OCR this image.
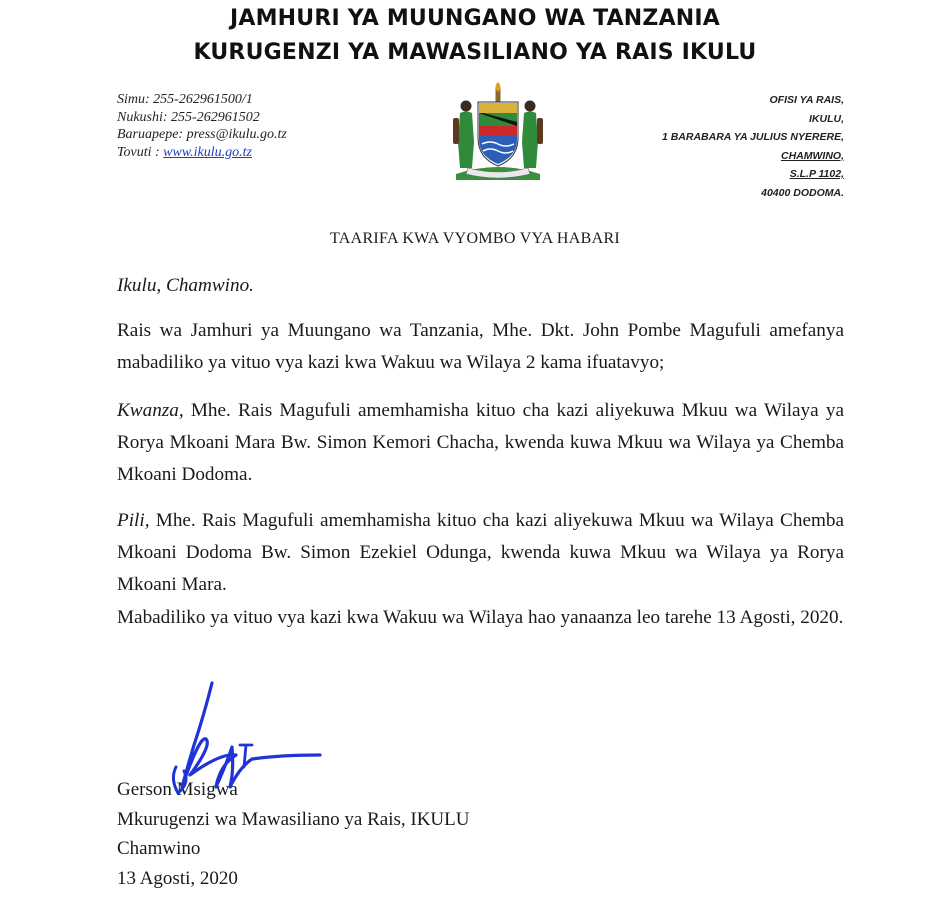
JAMHURI YA MUUNGANO WA TANZANIA
KURUGENZI YA MAWASILIANO YA RAIS IKULU
Simu: 255-262961500/1
Nukushi: 255-262961502
Baruapepe: press@ikulu.go.tz
Tovuti : www.ikulu.go.tz
OFISI YA RAIS,
IKULU,
1 BARABARA YA JULIUS NYERERE,
CHAMWINO,
S.L.P 1102,
40400 DODOMA.
TAARIFA KWA VYOMBO VYA HABARI
Ikulu, Chamwino.
Rais wa Jamhuri ya Muungano wa Tanzania, Mhe. Dkt. John Pombe Magufuli amefanya mabadiliko ya vituo vya kazi kwa Wakuu wa Wilaya 2 kama ifuatavyo;
Kwanza, Mhe. Rais Magufuli amemhamisha kituo cha kazi aliyekuwa Mkuu wa Wilaya ya Rorya Mkoani Mara Bw. Simon Kemori Chacha, kwenda kuwa Mkuu wa Wilaya ya Chemba Mkoani Dodoma.
Pili, Mhe. Rais Magufuli amemhamisha kituo cha kazi aliyekuwa Mkuu wa Wilaya Chemba Mkoani Dodoma Bw. Simon Ezekiel Odunga, kwenda kuwa Mkuu wa Wilaya ya Rorya Mkoani Mara.
Mabadiliko ya vituo vya kazi kwa Wakuu wa Wilaya hao yanaanza leo tarehe 13 Agosti, 2020.
Gerson Msigwa
Mkurugenzi wa Mawasiliano ya Rais, IKULU
Chamwino
13 Agosti, 2020
